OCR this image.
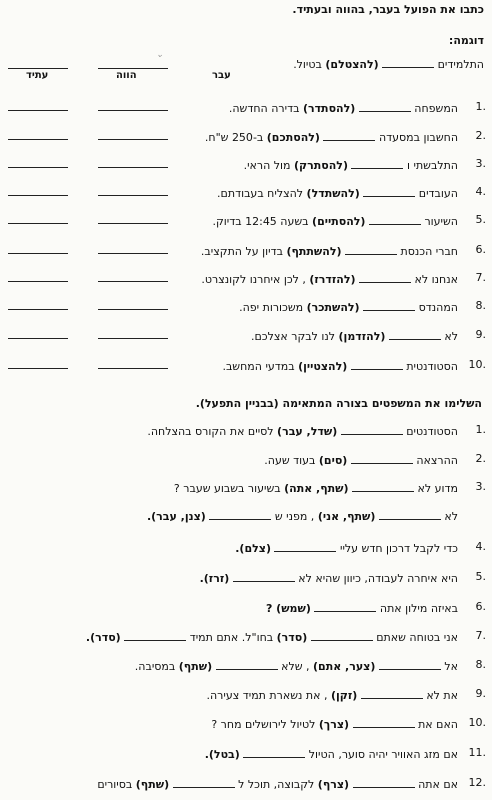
כתבו את הפועל בעבר, בהווה ובעתיד.
דוגמה:
התלמידים  (להצטלם) בטיול.
⌄
עתיד	הווה	עבר
1.
המשפחה  (להסתדר) בדירה החדשה.
2.
החשבון במסעדה  (להסתכם) ב-250 ש"ח.
3.
התלבשתי ו  (להסתרק) מול הראי.
4.
העובדים  (להשתדל) להצליח בעבודתם.
5.
השיעור  (להסתיים) בשעה 12:45 בדיוק.
6.
חברי הכנסת  (להשתתף) בדיון על התקציב.
7.
אנחנו לא  (להזדרז) , לכן איחרנו לקונצרט.
8.
המהנדס  (להשתכר) משכורות יפה.
9.
לא  (להזדמן) לנו לבקר אצלכם.
10.
הסטודנטית  (להצטיין) במדעי המחשב.
השלימו את המשפטים בצורה המתאימה (בבניין התפעל).
1.
הסטודנטים  (שדל, עבר) לסיים את הקורס בהצלחה.
2.
ההרצאה  (סים) בעוד שעה.
3.
מדוע לא  (שתף, אתה) בשיעור בשבוע שעבר ?
לא  (שתף, אני) , מפני ש  (צנן, עבר).
4.
כדי לקבל דרכון חדש עליי  (צלם).
5.
היא איחרה לעבודה, כיוון שהיא לא  (זרז).
6.
באיזה מילון אתה  (שמש) ?
7.
אני בטוחה שאתם  (סדר) בחו"ל. אתם תמיד  (סדר).
8.
אל  (צער, אתם) , שלא  (שתף) במסיבה.
9.
את לא  (זקן) , את נשארת תמיד צעירה.
10.
האם את  (צרך) לטיול לירושלים מחר ?
11.
אם מזג האוויר יהיה סוער, הטיול  (בטל).
12.
אם אתה  (צרף) לקבוצה, תוכל ל  (שתף) בסיורים
